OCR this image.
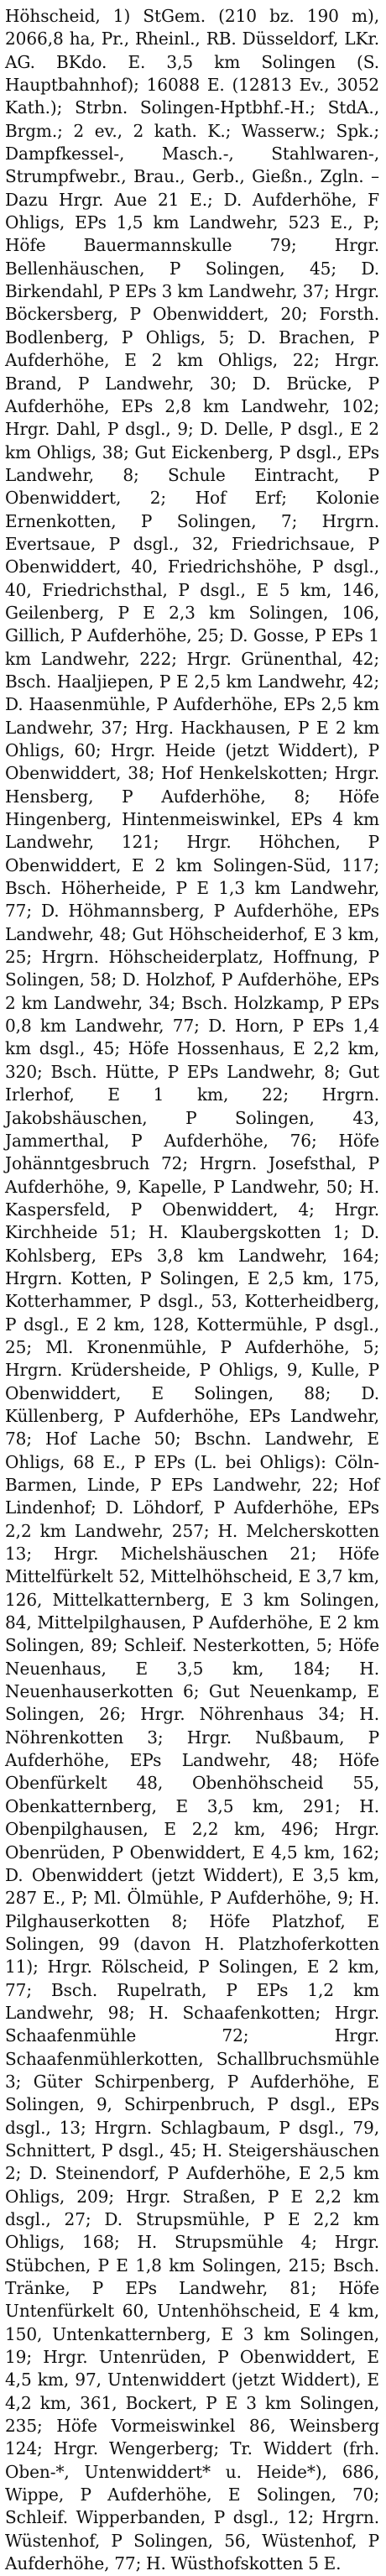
Höhscheid, 1) StGem. (210 bz. 190 m), 2066,8 ha, Pr., Rheinl., RB. Düsseldorf, LKr. AG. BKdo. E. 3,5 km Solingen (S. Hauptbahnhof); 16088 E. (12813 Ev., 3052 Kath.); Strbn. Solingen-Hptbhf.-H.; StdA., Brgm.; 2 ev., 2 kath. K.; Wasserw.; Spk.; Dampfkessel-, Masch.-, Stahlwaren-, Strumpfwebr., Brau., Gerb., Gießn., Zgln. – Dazu Hrgr. Aue 21 E.; D. Aufderhöhe, F Ohligs, EPs 1,5 km Landwehr, 523 E., P; Höfe Bauermannskulle 79; Hrgr. Bellenhäuschen, P Solingen, 45; D. Birkendahl, P EPs 3 km Landwehr, 37; Hrgr. Böckersberg, P Obenwiddert, 20; Forsth. Bodlenberg, P Ohligs, 5; D. Brachen, P Aufderhöhe, E 2 km Ohligs, 22; Hrgr. Brand, P Landwehr, 30; D. Brücke, P Aufderhöhe, EPs 2,8 km Landwehr, 102; Hrgr. Dahl, P dsgl., 9; D. Delle, P dsgl., E 2 km Ohligs, 38; Gut Eickenberg, P dsgl., EPs Landwehr, 8; Schule Eintracht, P Obenwiddert, 2; Hof Erf; Kolonie Ernenkotten, P Solingen, 7; Hrgrn. Evertsaue, P dsgl., 32, Friedrichsaue, P Obenwiddert, 40, Friedrichshöhe, P dsgl., 40, Friedrichsthal, P dsgl., E 5 km, 146, Geilenberg, P E 2,3 km Solingen, 106, Gillich, P Aufderhöhe, 25; D. Gosse, P EPs 1 km Landwehr, 222; Hrgr. Grünenthal, 42; Bsch. Haaljiepen, P E 2,5 km Landwehr, 42; D. Haasenmühle, P Aufderhöhe, EPs 2,5 km Landwehr, 37; Hrg. Hackhausen, P E 2 km Ohligs, 60; Hrgr. Heide (jetzt Widdert), P Obenwiddert, 38; Hof Henkelskotten; Hrgr. Hensberg, P Aufderhöhe, 8; Höfe Hingenberg, Hintenmeiswinkel, EPs 4 km Landwehr, 121; Hrgr. Höhchen, P Obenwiddert, E 2 km Solingen-Süd, 117; Bsch. Höherheide, P E 1,3 km Landwehr, 77; D. Höhmannsberg, P Aufderhöhe, EPs Landwehr, 48; Gut Höhscheiderhof, E 3 km, 25; Hrgrn. Höhscheiderplatz, Hoffnung, P Solingen, 58; D. Holzhof, P Aufderhöhe, EPs 2 km Landwehr, 34; Bsch. Holzkamp, P EPs 0,8 km Landwehr, 77; D. Horn, P EPs 1,4 km dsgl., 45; Höfe Hossenhaus, E 2,2 km, 320; Bsch. Hütte, P EPs Landwehr, 8; Gut Irlerhof, E 1 km, 22; Hrgrn. Jakobshäuschen, P Solingen, 43, Jammerthal, P Aufderhöhe, 76; Höfe Johänntgesbruch 72; Hrgrn. Josefsthal, P Aufderhöhe, 9, Kapelle, P Landwehr, 50; H. Kaspersfeld, P Obenwiddert, 4; Hrgr. Kirchheide 51; H. Klaubergskotten 1; D. Kohlsberg, EPs 3,8 km Landwehr, 164; Hrgrn. Kotten, P Solingen, E 2,5 km, 175, Kotterhammer, P dsgl., 53, Kotterheidberg, P dsgl., E 2 km, 128, Kottermühle, P dsgl., 25; Ml. Kronenmühle, P Aufderhöhe, 5; Hrgrn. Krüdersheide, P Ohligs, 9, Kulle, P Obenwiddert, E Solingen, 88; D. Küllenberg, P Aufderhöhe, EPs Landwehr, 78; Hof Lache 50; Bschn. Landwehr, E Ohligs, 68 E., P EPs (L. bei Ohligs): Cöln-Barmen, Linde, P EPs Landwehr, 22; Hof Lindenhof; D. Löhdorf, P Aufderhöhe, EPs 2,2 km Landwehr, 257; H. Melcherskotten 13; Hrgr. Michelshäuschen 21; Höfe Mittelfürkelt 52, Mittelhöhscheid, E 3,7 km, 126, Mittelkatternberg, E 3 km Solingen, 84, Mittelpilghausen, P Aufderhöhe, E 2 km Solingen, 89; Schleif. Nesterkotten, 5; Höfe Neuenhaus, E 3,5 km, 184; H. Neuenhauserkotten 6; Gut Neuenkamp, E Solingen, 26; Hrgr. Nöhrenhaus 34; H. Nöhrenkotten 3; Hrgr. Nußbaum, P Aufderhöhe, EPs Landwehr, 48; Höfe Obenfürkelt 48, Obenhöhscheid 55, Obenkatternberg, E 3,5 km, 291; H. Obenpilghausen, E 2,2 km, 496; Hrgr. Obenrüden, P Obenwiddert, E 4,5 km, 162; D. Obenwiddert (jetzt Widdert), E 3,5 km, 287 E., P; Ml. Ölmühle, P Aufderhöhe, 9; H. Pilghauserkotten 8; Höfe Platzhof, E Solingen, 99 (davon H. Platzhoferkotten 11); Hrgr. Rölscheid, P Solingen, E 2 km, 77; Bsch. Rupelrath, P EPs 1,2 km Landwehr, 98; H. Schaafenkotten; Hrgr. Schaafenmühle 72; Hrgr. Schaafenmühlerkotten, Schallbruchsmühle 3; Güter Schirpenberg, P Aufderhöhe, E Solingen, 9, Schirpenbruch, P dsgl., EPs dsgl., 13; Hrgrn. Schlagbaum, P dsgl., 79, Schnittert, P dsgl., 45; H. Steigershäuschen 2; D. Steinendorf, P Aufderhöhe, E 2,5 km Ohligs, 209; Hrgr. Straßen, P E 2,2 km dsgl., 27; D. Strupsmühle, P E 2,2 km Ohligs, 168; H. Strupsmühle 4; Hrgr. Stübchen, P E 1,8 km Solingen, 215; Bsch. Tränke, P EPs Landwehr, 81; Höfe Untenfürkelt 60, Untenhöhscheid, E 4 km, 150, Untenkatternberg, E 3 km Solingen, 19; Hrgr. Untenrüden, P Obenwiddert, E 4,5 km, 97, Untenwiddert (jetzt Widdert), E 4,2 km, 361, Bockert, P E 3 km Solingen, 235; Höfe Vormeiswinkel 86, Weinsberg 124; Hrgr. Wengerberg; Tr. Widdert (frh. Oben-*, Untenwiddert* u. Heide*), 686, Wippe, P Aufderhöhe, E Solingen, 70; Schleif. Wipperbanden, P dsgl., 12; Hrgrn. Wüstenhof, P Solingen, 56, Wüstenhof, P Aufderhöhe, 77; H. Wüsthofskotten 5 E.
